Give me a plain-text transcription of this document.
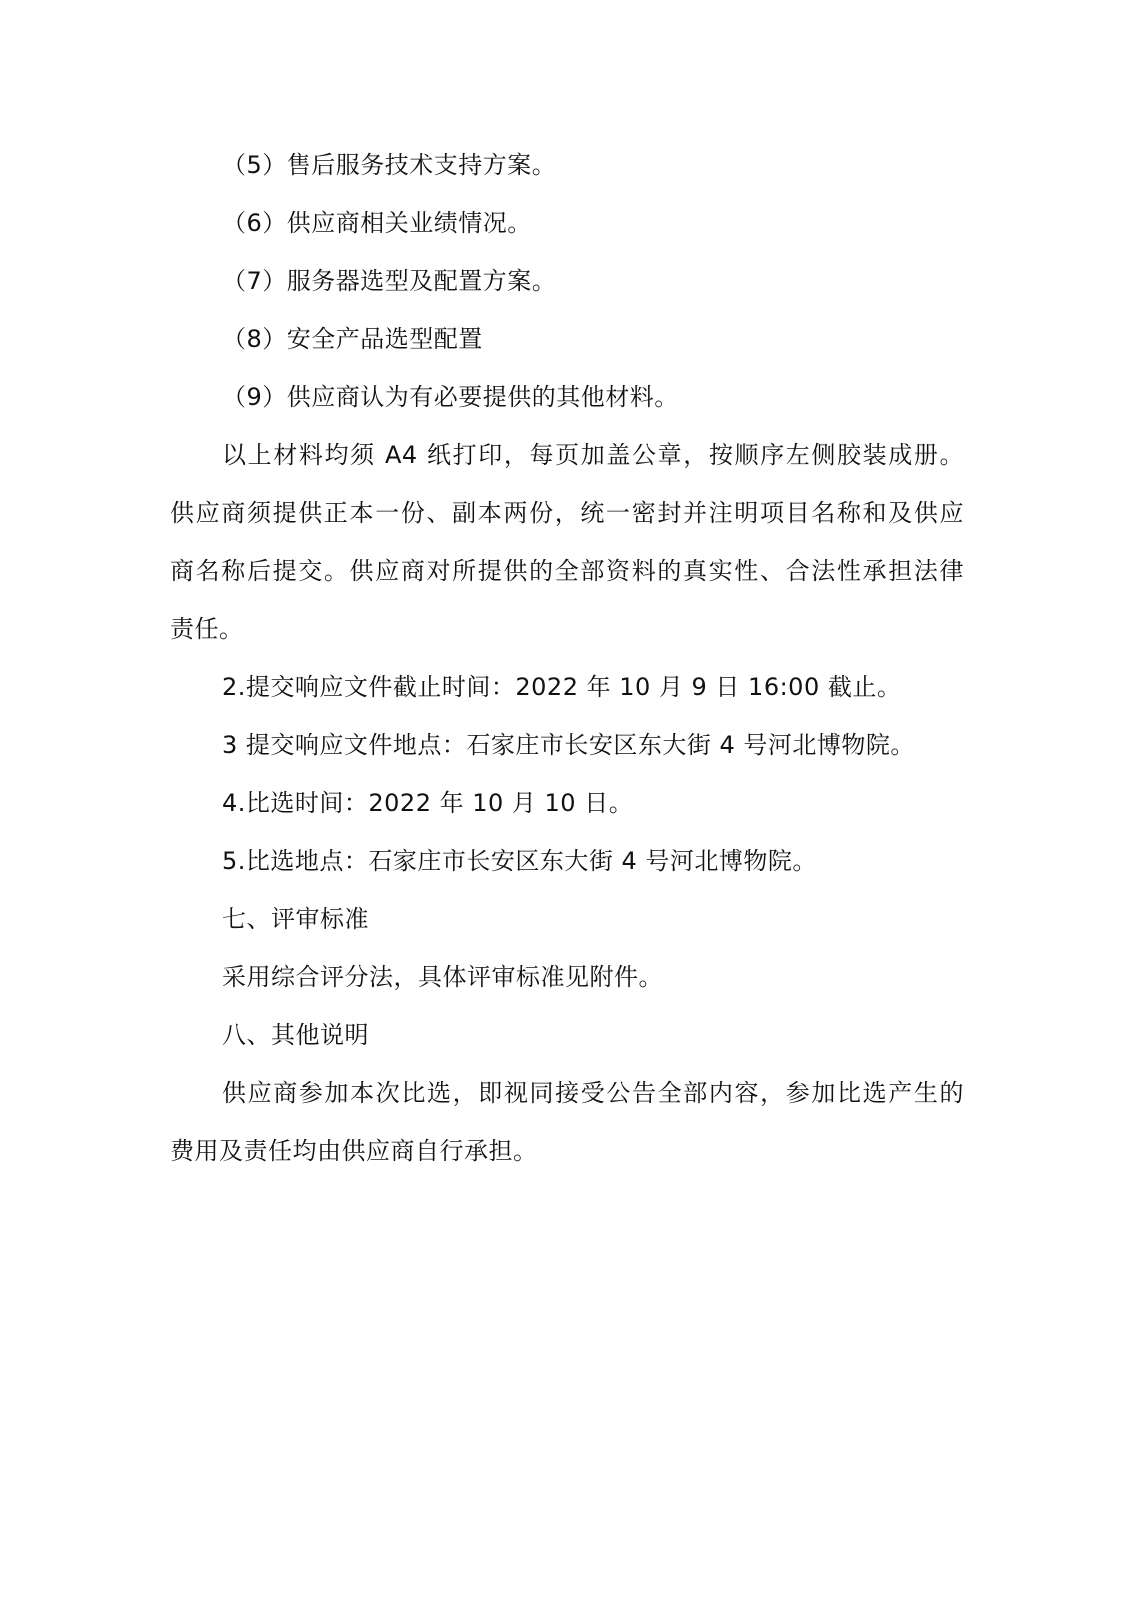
（5）售后服务技术支持方案。
（6）供应商相关业绩情况。
（7）服务器选型及配置方案。
（8）安全产品选型配置
（9）供应商认为有必要提供的其他材料。
以上材料均须 A4 纸打印，每页加盖公章，按顺序左侧胶装成册。
供应商须提供正本一份、副本两份，统一密封并注明项目名称和及供应
商名称后提交。供应商对所提供的全部资料的真实性、合法性承担法律
责任。
2.提交响应文件截止时间：2022 年 10 月 9 日 16:00 截止。
3 提交响应文件地点：石家庄市长安区东大街 4 号河北博物院。
4.比选时间：2022 年 10 月 10 日。
5.比选地点：石家庄市长安区东大街 4 号河北博物院。
七、评审标准
采用综合评分法，具体评审标准见附件。
八、其他说明
供应商参加本次比选，即视同接受公告全部内容，参加比选产生的
费用及责任均由供应商自行承担。
